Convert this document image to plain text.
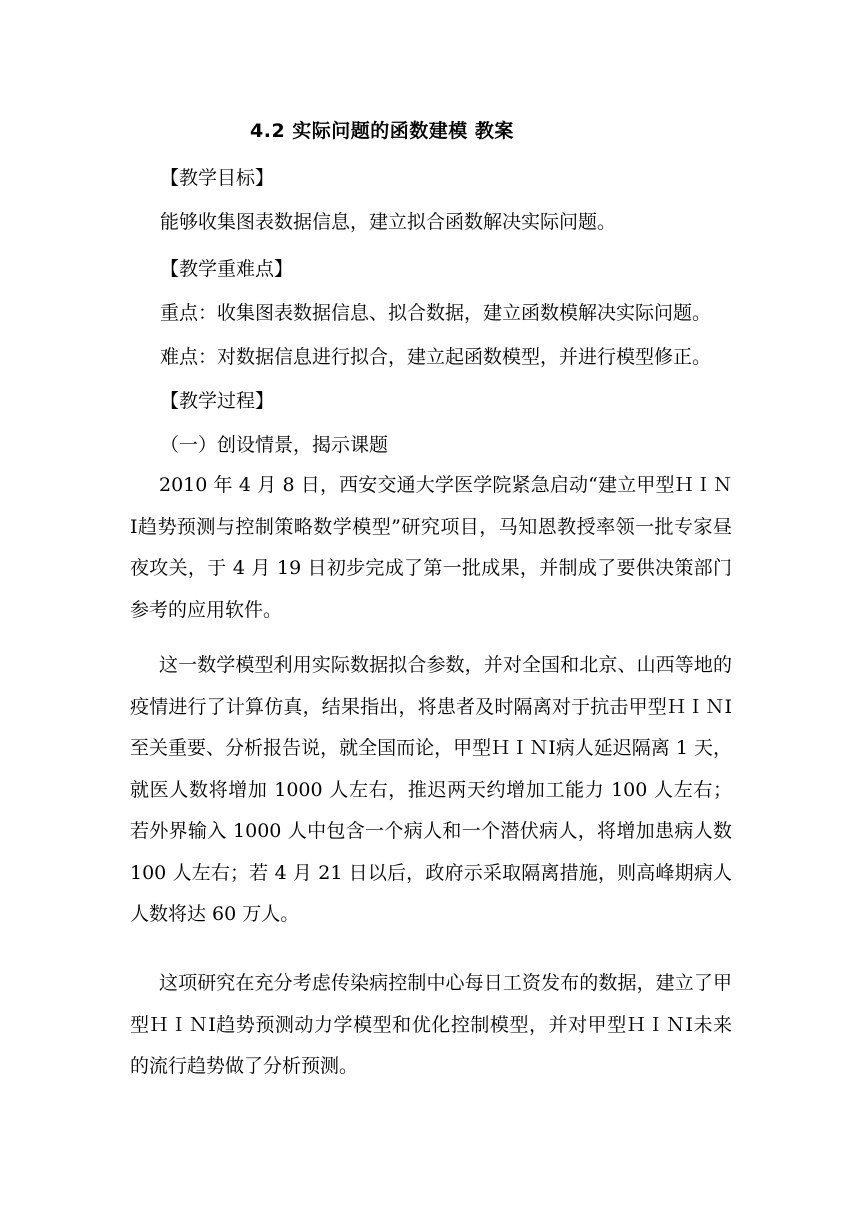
4.2 实际问题的函数建模 教案
【教学目标】
能够收集图表数据信息，建立拟合函数解决实际问题。
【教学重难点】
重点：收集图表数据信息、拟合数据，建立函数模解决实际问题。
难点：对数据信息进行拟合，建立起函数模型，并进行模型修正。
【教学过程】
（一）创设情景，揭示课题
2010 年 4 月 8 日，西安交通大学医学院紧急启动“建立甲型ＨＩＮⅠ趋势预测与控制策略数学模型”研究项目，马知恩教授率领一批专家昼夜攻关，于 4 月 19 日初步完成了第一批成果，并制成了要供决策部门参考的应用软件。
这一数学模型利用实际数据拟合参数，并对全国和北京、山西等地的疫情进行了计算仿真，结果指出，将患者及时隔离对于抗击甲型ＨＩＮⅠ至关重要、分析报告说，就全国而论，甲型ＨＩＮⅠ病人延迟隔离 1 天，就医人数将增加 1000 人左右，推迟两天约增加工能力 100 人左右；若外界输入 1000 人中包含一个病人和一个潜伏病人，将增加患病人数 100 人左右；若 4 月 21 日以后，政府示采取隔离措施，则高峰期病人人数将达 60 万人。
这项研究在充分考虑传染病控制中心每日工资发布的数据，建立了甲型ＨＩＮⅠ趋势预测动力学模型和优化控制模型，并对甲型ＨＩＮⅠ未来的流行趋势做了分析预测。
